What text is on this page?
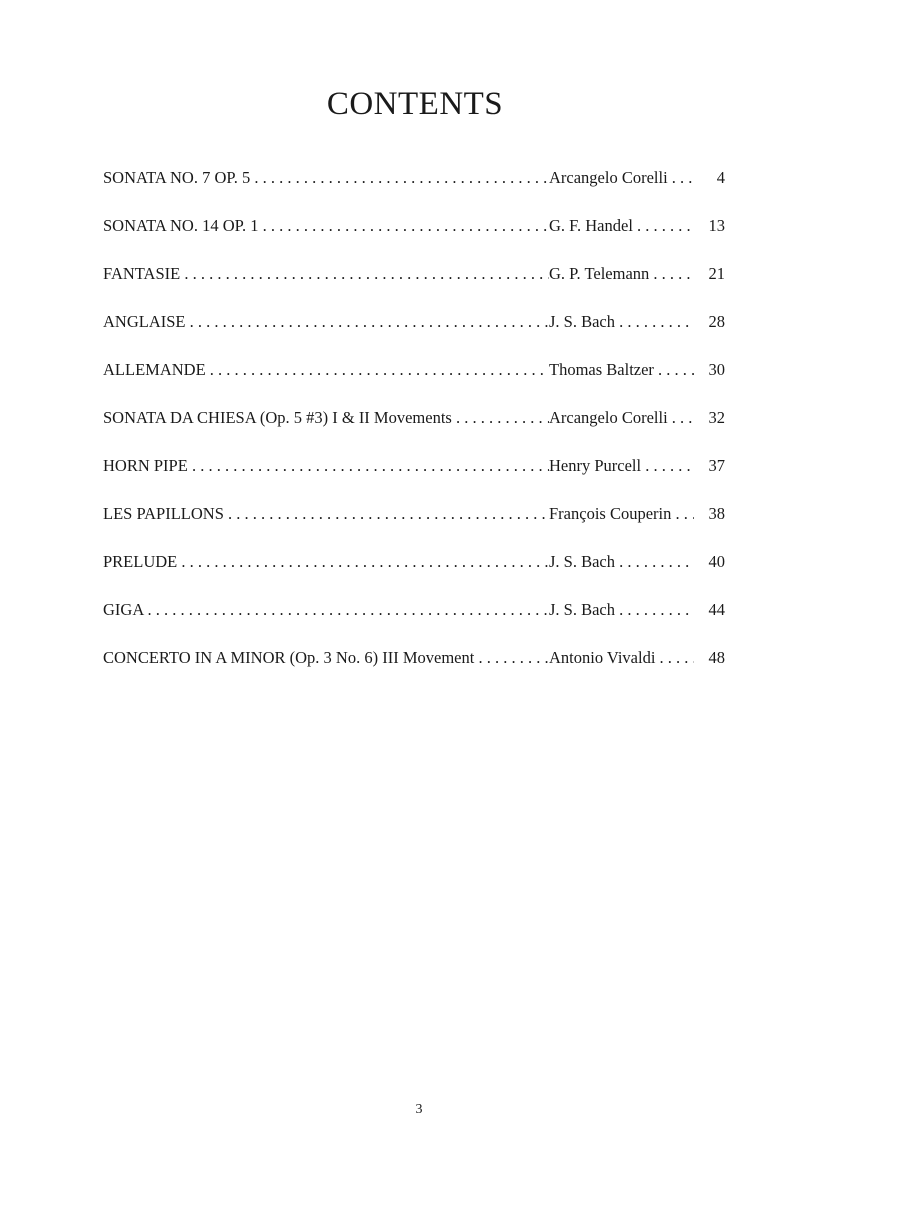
CONTENTS
SONATA NO. 7 OP. 5 . . .	Arcangelo Corelli . . .	4
SONATA NO. 14 OP. 1 . . .	G. F. Handel . . .	13
FANTASIE . . .	G. P. Telemann . . .	21
ANGLAISE . . .	J. S. Bach . . .	28
ALLEMANDE . . .	Thomas Baltzer . . .	30
SONATA DA CHIESA (Op. 5 #3) I & II Movements . . .	Arcangelo Corelli . . .	32
HORN PIPE . . .	Henry Purcell . . .	37
LES PAPILLONS . . .	François Couperin . . .	38
PRELUDE . . .	J. S. Bach . . .	40
GIGA . . .	J. S. Bach . . .	44
CONCERTO IN A MINOR (Op. 3 No. 6) III Movement . . .	Antonio Vivaldi . . .	48

3
